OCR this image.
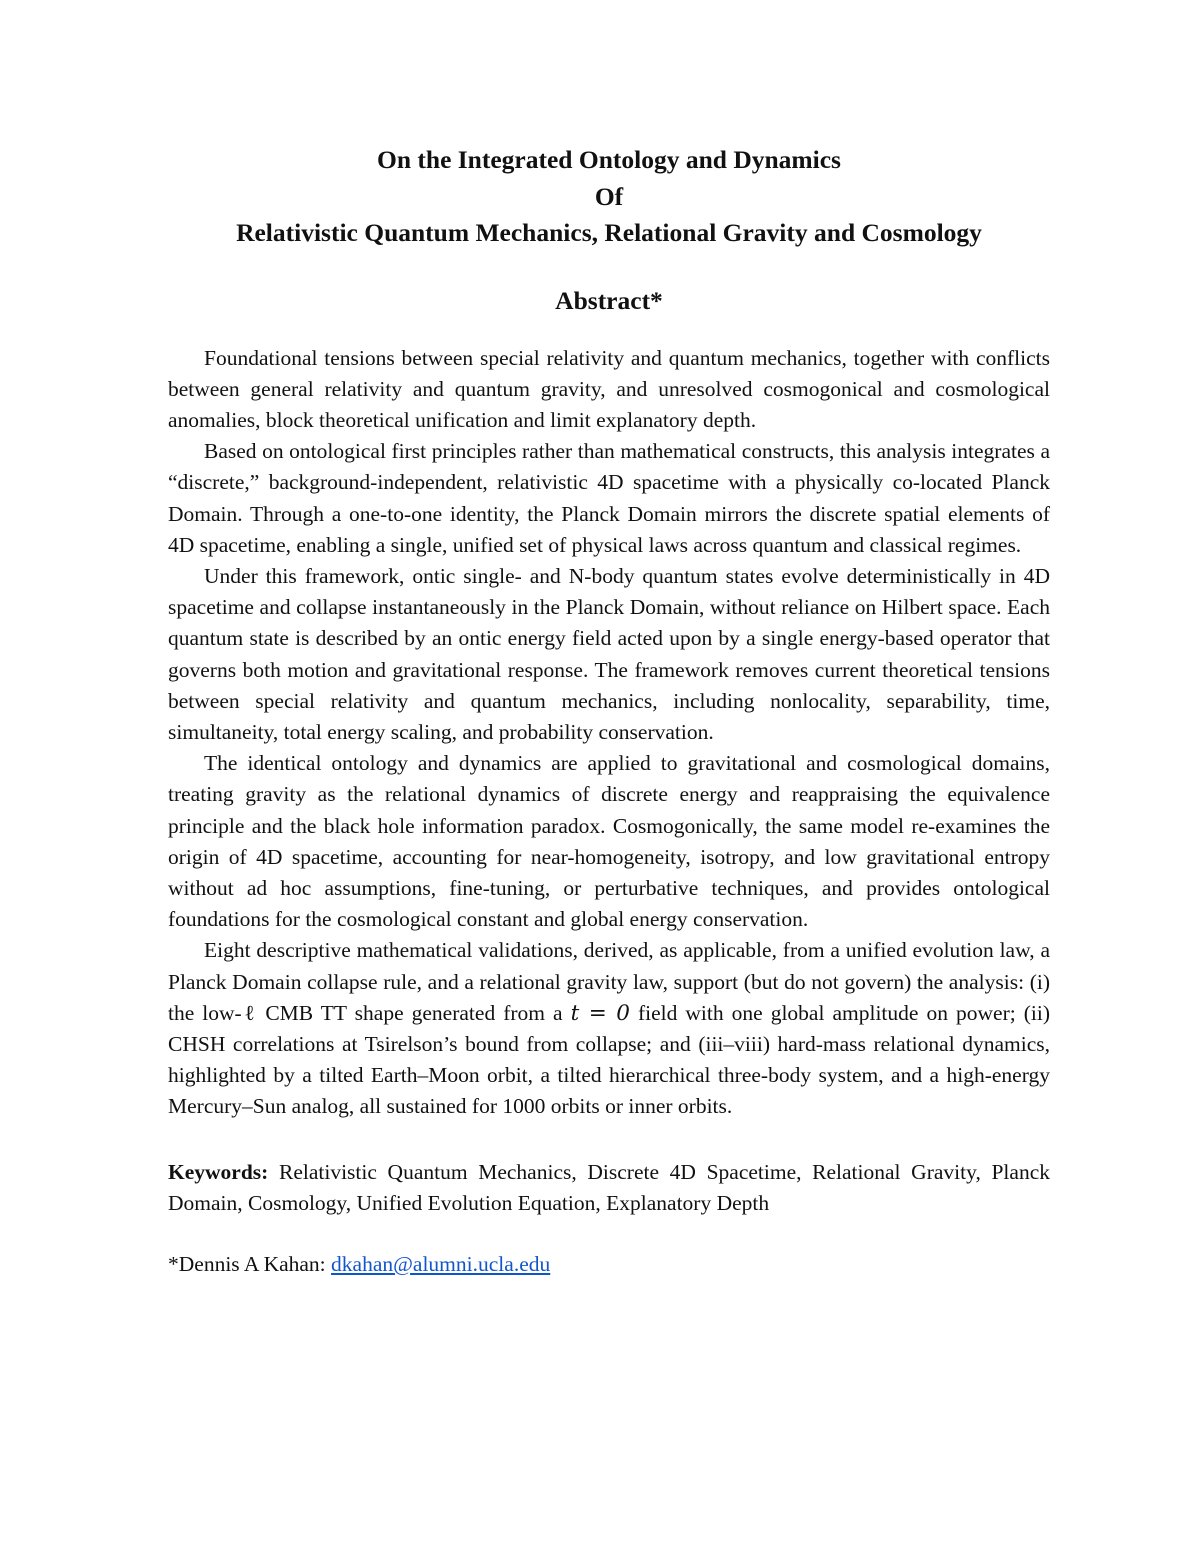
On the Integrated Ontology and Dynamics
Of
Relativistic Quantum Mechanics, Relational Gravity and Cosmology
Abstract*

Foundational tensions between special relativity and quantum mechanics, together with conflicts between general relativity and quantum gravity, and unresolved cosmogonical and cosmological anomalies, block theoretical unification and limit explanatory depth.

Based on ontological first principles rather than mathematical constructs, this analysis integrates a “discrete,” background-independent, relativistic 4D spacetime with a physically co-located Planck Domain. Through a one-to-one identity, the Planck Domain mirrors the discrete spatial elements of 4D spacetime, enabling a single, unified set of physical laws across quantum and classical regimes.

Under this framework, ontic single- and N-body quantum states evolve deterministically in 4D spacetime and collapse instantaneously in the Planck Domain, without reliance on Hilbert space. Each quantum state is described by an ontic energy field acted upon by a single energy-based operator that governs both motion and gravitational response. The framework removes current theoretical tensions between special relativity and quantum mechanics, including nonlocality, separability, time, simultaneity, total energy scaling, and probability conservation.

The identical ontology and dynamics are applied to gravitational and cosmological domains, treating gravity as the relational dynamics of discrete energy and reappraising the equivalence principle and the black hole information paradox. Cosmogonically, the same model re-examines the origin of 4D spacetime, accounting for near-homogeneity, isotropy, and low gravitational entropy without ad hoc assumptions, fine-tuning, or perturbative techniques, and provides ontological foundations for the cosmological constant and global energy conservation.

Eight descriptive mathematical validations, derived, as applicable, from a unified evolution law, a Planck Domain collapse rule, and a relational gravity law, support (but do not govern) the analysis: (i) the low-ℓ CMB TT shape generated from a t = 0 field with one global amplitude on power; (ii) CHSH correlations at Tsirelson’s bound from collapse; and (iii–viii) hard-mass relational dynamics, highlighted by a tilted Earth–Moon orbit, a tilted hierarchical three-body system, and a high-energy Mercury–Sun analog, all sustained for 1000 orbits or inner orbits.

Keywords: Relativistic Quantum Mechanics, Discrete 4D Spacetime, Relational Gravity, Planck Domain, Cosmology, Unified Evolution Equation, Explanatory Depth

*Dennis A Kahan: dkahan@alumni.ucla.edu
